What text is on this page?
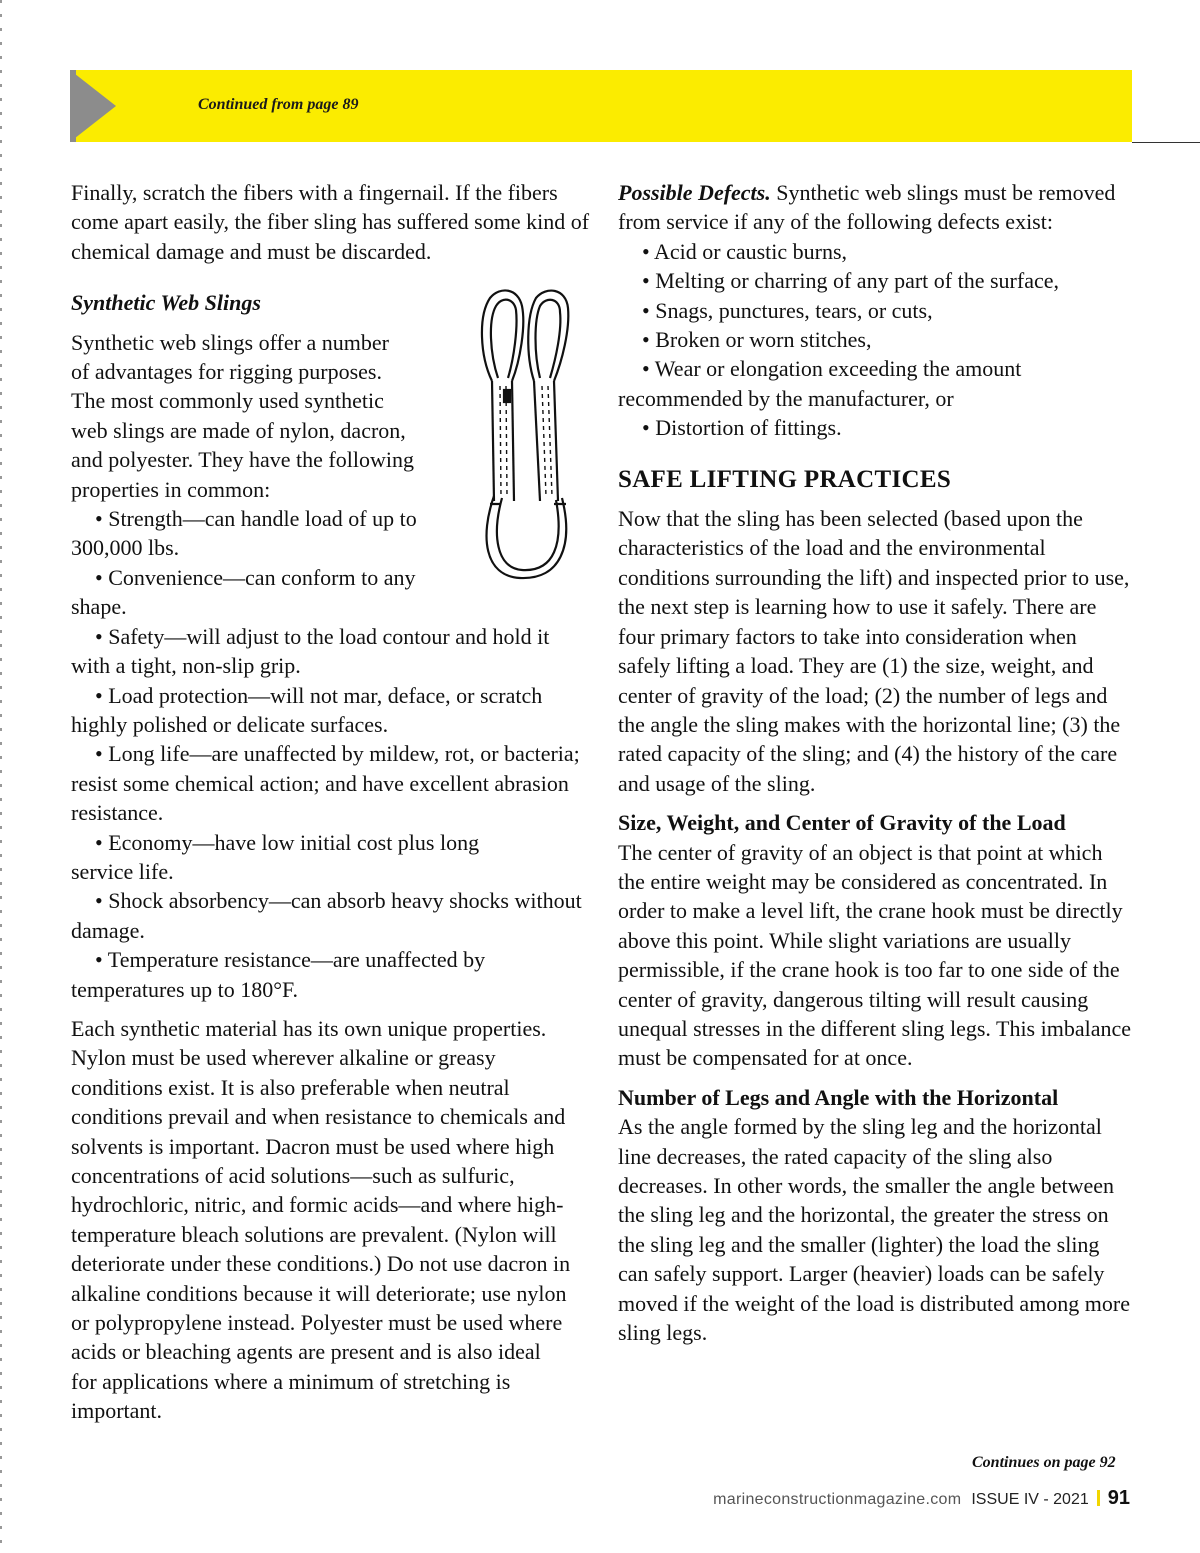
Continued from page 89

Finally, scratch the fibers with a fingernail. If the fibers come apart easily, the fiber sling has suffered some kind of chemical damage and must be discarded.

Synthetic Web Slings

Synthetic web slings offer a number
of advantages for rigging purposes.
The most commonly used synthetic
web slings are made of nylon, dacron,
and polyester. They have the following
properties in common:

• Strength—can handle load of up to 300,000 lbs.

• Convenience—can conform to any shape.

• Safety—will adjust to the load contour and hold it with a tight, non-slip grip.

• Load protection—will not mar, deface, or scratch highly polished or delicate surfaces.

• Long life—are unaffected by mildew, rot, or bacteria; resist some chemical action; and have excellent abrasion resistance.

• Economy—have low initial cost plus long service life.

• Shock absorbency—can absorb heavy shocks without damage.

• Temperature resistance—are unaffected by temperatures up to 180°F.

Each synthetic material has its own unique properties. Nylon must be used wherever alkaline or greasy conditions exist. It is also preferable when neutral conditions prevail and when resistance to chemicals and solvents is important. Dacron must be used where high concentrations of acid solutions—such as sulfuric, hydrochloric, nitric, and formic acids—and where high-temperature bleach solutions are prevalent. (Nylon will deteriorate under these conditions.) Do not use dacron in alkaline conditions because it will deteriorate; use nylon or polypropylene instead. Polyester must be used where acids or bleaching agents are present and is also ideal for applications where a minimum of stretching is important.

Possible Defects. Synthetic web slings must be removed from service if any of the following defects exist:

• Acid or caustic burns,

• Melting or charring of any part of the surface,

• Snags, punctures, tears, or cuts,

• Broken or worn stitches,

• Wear or elongation exceeding the amount recommended by the manufacturer, or

• Distortion of fittings.

SAFE LIFTING PRACTICES

Now that the sling has been selected (based upon the characteristics of the load and the environmental conditions surrounding the lift) and inspected prior to use, the next step is learning how to use it safely. There are four primary factors to take into consideration when safely lifting a load. They are (1) the size, weight, and center of gravity of the load; (2) the number of legs and the angle the sling makes with the horizontal line; (3) the rated capacity of the sling; and (4) the history of the care and usage of the sling.

Size, Weight, and Center of Gravity of the Load

The center of gravity of an object is that point at which the entire weight may be considered as concentrated. In order to make a level lift, the crane hook must be directly above this point. While slight variations are usually permissible, if the crane hook is too far to one side of the center of gravity, dangerous tilting will result causing unequal stresses in the different sling legs. This imbalance must be compensated for at once.

Number of Legs and Angle with the Horizontal

As the angle formed by the sling leg and the horizontal line decreases, the rated capacity of the sling also decreases. In other words, the smaller the angle between the sling leg and the horizontal, the greater the stress on the sling leg and the smaller (lighter) the load the sling can safely support. Larger (heavier) loads can be safely moved if the weight of the load is distributed among more sling legs.

Continues on page 92
marineconstructionmagazine.com ISSUE IV - 2021 91
